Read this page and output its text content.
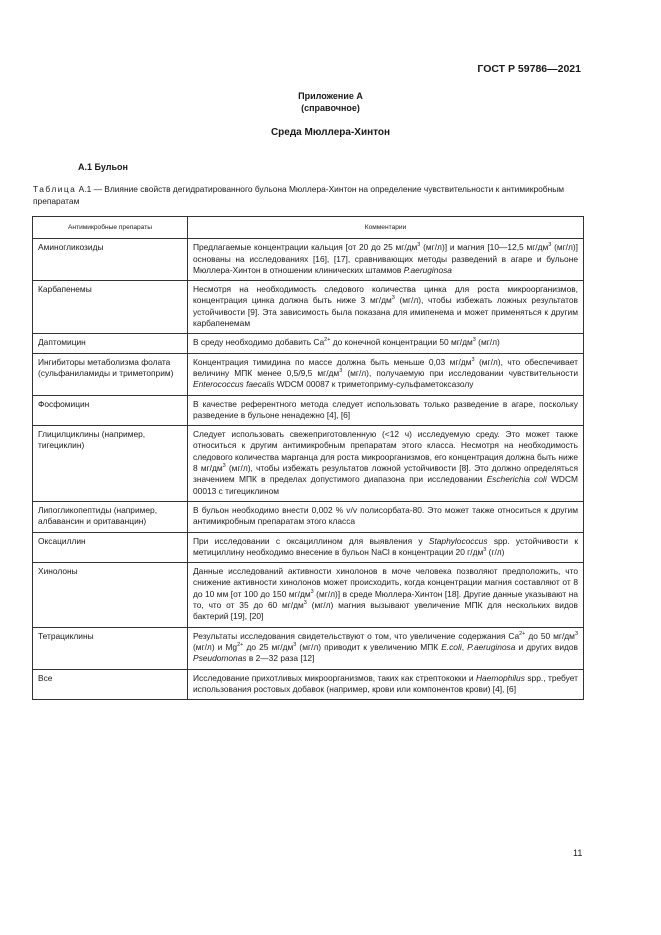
ГОСТ Р 59786—2021
Приложение А
(справочное)
Среда Мюллера-Хинтон
А.1 Бульон
Таблица А.1 — Влияние свойств дегидратированного бульона Мюллера-Хинтон на определение чувствительности к антимикробным препаратам
Антимикробные препараты	Комментарии
Аминогликозиды	Предлагаемые концентрации кальция [от 20 до 25 $мг/дм^3$ (мг/л)] и магния [10—12,5 $мг/дм^3$ (мг/л)] основаны на исследованиях [16], [17], сравнивающих методы разведений в агаре и бульоне Мюллера-Хинтон в отношении клинических штаммов P.aeruginosa
Карбапенемы	Несмотря на необходимость следового количества цинка для роста микроорганизмов, концентрация цинка должна быть ниже 3 $мг/дм^3$ (мг/л), чтобы избежать ложных результатов устойчивости [9]. Эта зависимость была показана для имипенема и может применяться к другим карбапенемам
Даптомицин	В среду необходимо добавить $Ca^{2+}$ до конечной концентрации 50 $мг/дм^3$ (мг/л)
Ингибиторы метаболизма фолата (сульфаниламиды и триметоприм)	Концентрация тимидина по массе должна быть меньше 0,03 $мг/дм^3$ (мг/л), что обеспечивает величину МПК менее 0,5/9,5 $мг/дм^3$ (мг/л), получаемую при исследовании чувствительности Enterococcus faecalis WDCM 00087 к триметоприму-сульфаметоксазолу
Фосфомицин	В качестве референтного метода следует использовать только разведение в агаре, поскольку разведение в бульоне ненадежно [4], [6]
Глицилциклины (например, тигециклин)	Следует использовать свежеприготовленную (<12 ч) исследуемую среду. Это может также относиться к другим антимикробным препаратам этого класса. Несмотря на необходимость следового количества марганца для роста микроорганизмов, его концентрация должна быть ниже 8 $мг/дм^3$ (мг/л), чтобы избежать результатов ложной устойчивости [8]. Это должно определяться значением МПК в пределах допустимого диапазона при исследовании Escherichia coli WDCM 00013 с тигециклином
Липогликопептиды (например, албавансин и оритаванцин)	В бульон необходимо внести 0,002 % v/v полисорбата-80. Это может также относиться к другим антимикробным препаратам этого класса
Оксациллин	При исследовании с оксациллином для выявления у Staphylococcus spp. устойчивости к метициллину необходимо внесение в бульон NaCl в концентрации 20 $г/дм^3$ (г/л)
Хинолоны	Данные исследований активности хинолонов в моче человека позволяют предположить, что снижение активности хинолонов может происходить, когда концентрации магния составляют от 8 до 10 мм [от 100 до 150 $мг/дм^3$ (мг/л)] в среде Мюллера-Хинтон [18]. Другие данные указывают на то, что от 35 до 60 $мг/дм^3$ (мг/л) магния вызывают увеличение МПК для нескольких видов бактерий [19], [20]
Тетрациклины	Результаты исследования свидетельствуют о том, что увеличение содержания $Ca^{2+}$ до 50 $мг/дм^3$ (мг/л) и $Mg^{2+}$ до 25 $мг/дм^3$ (мг/л) приводит к увеличению МПК E.coli, P.aeruginosa и других видов Pseudomonas в 2—32 раза [12]
Все	Исследование прихотливых микроорганизмов, таких как стрептококки и Haemophilus spp., требует использования ростовых добавок (например, крови или компонентов крови) [4], [6]
11
